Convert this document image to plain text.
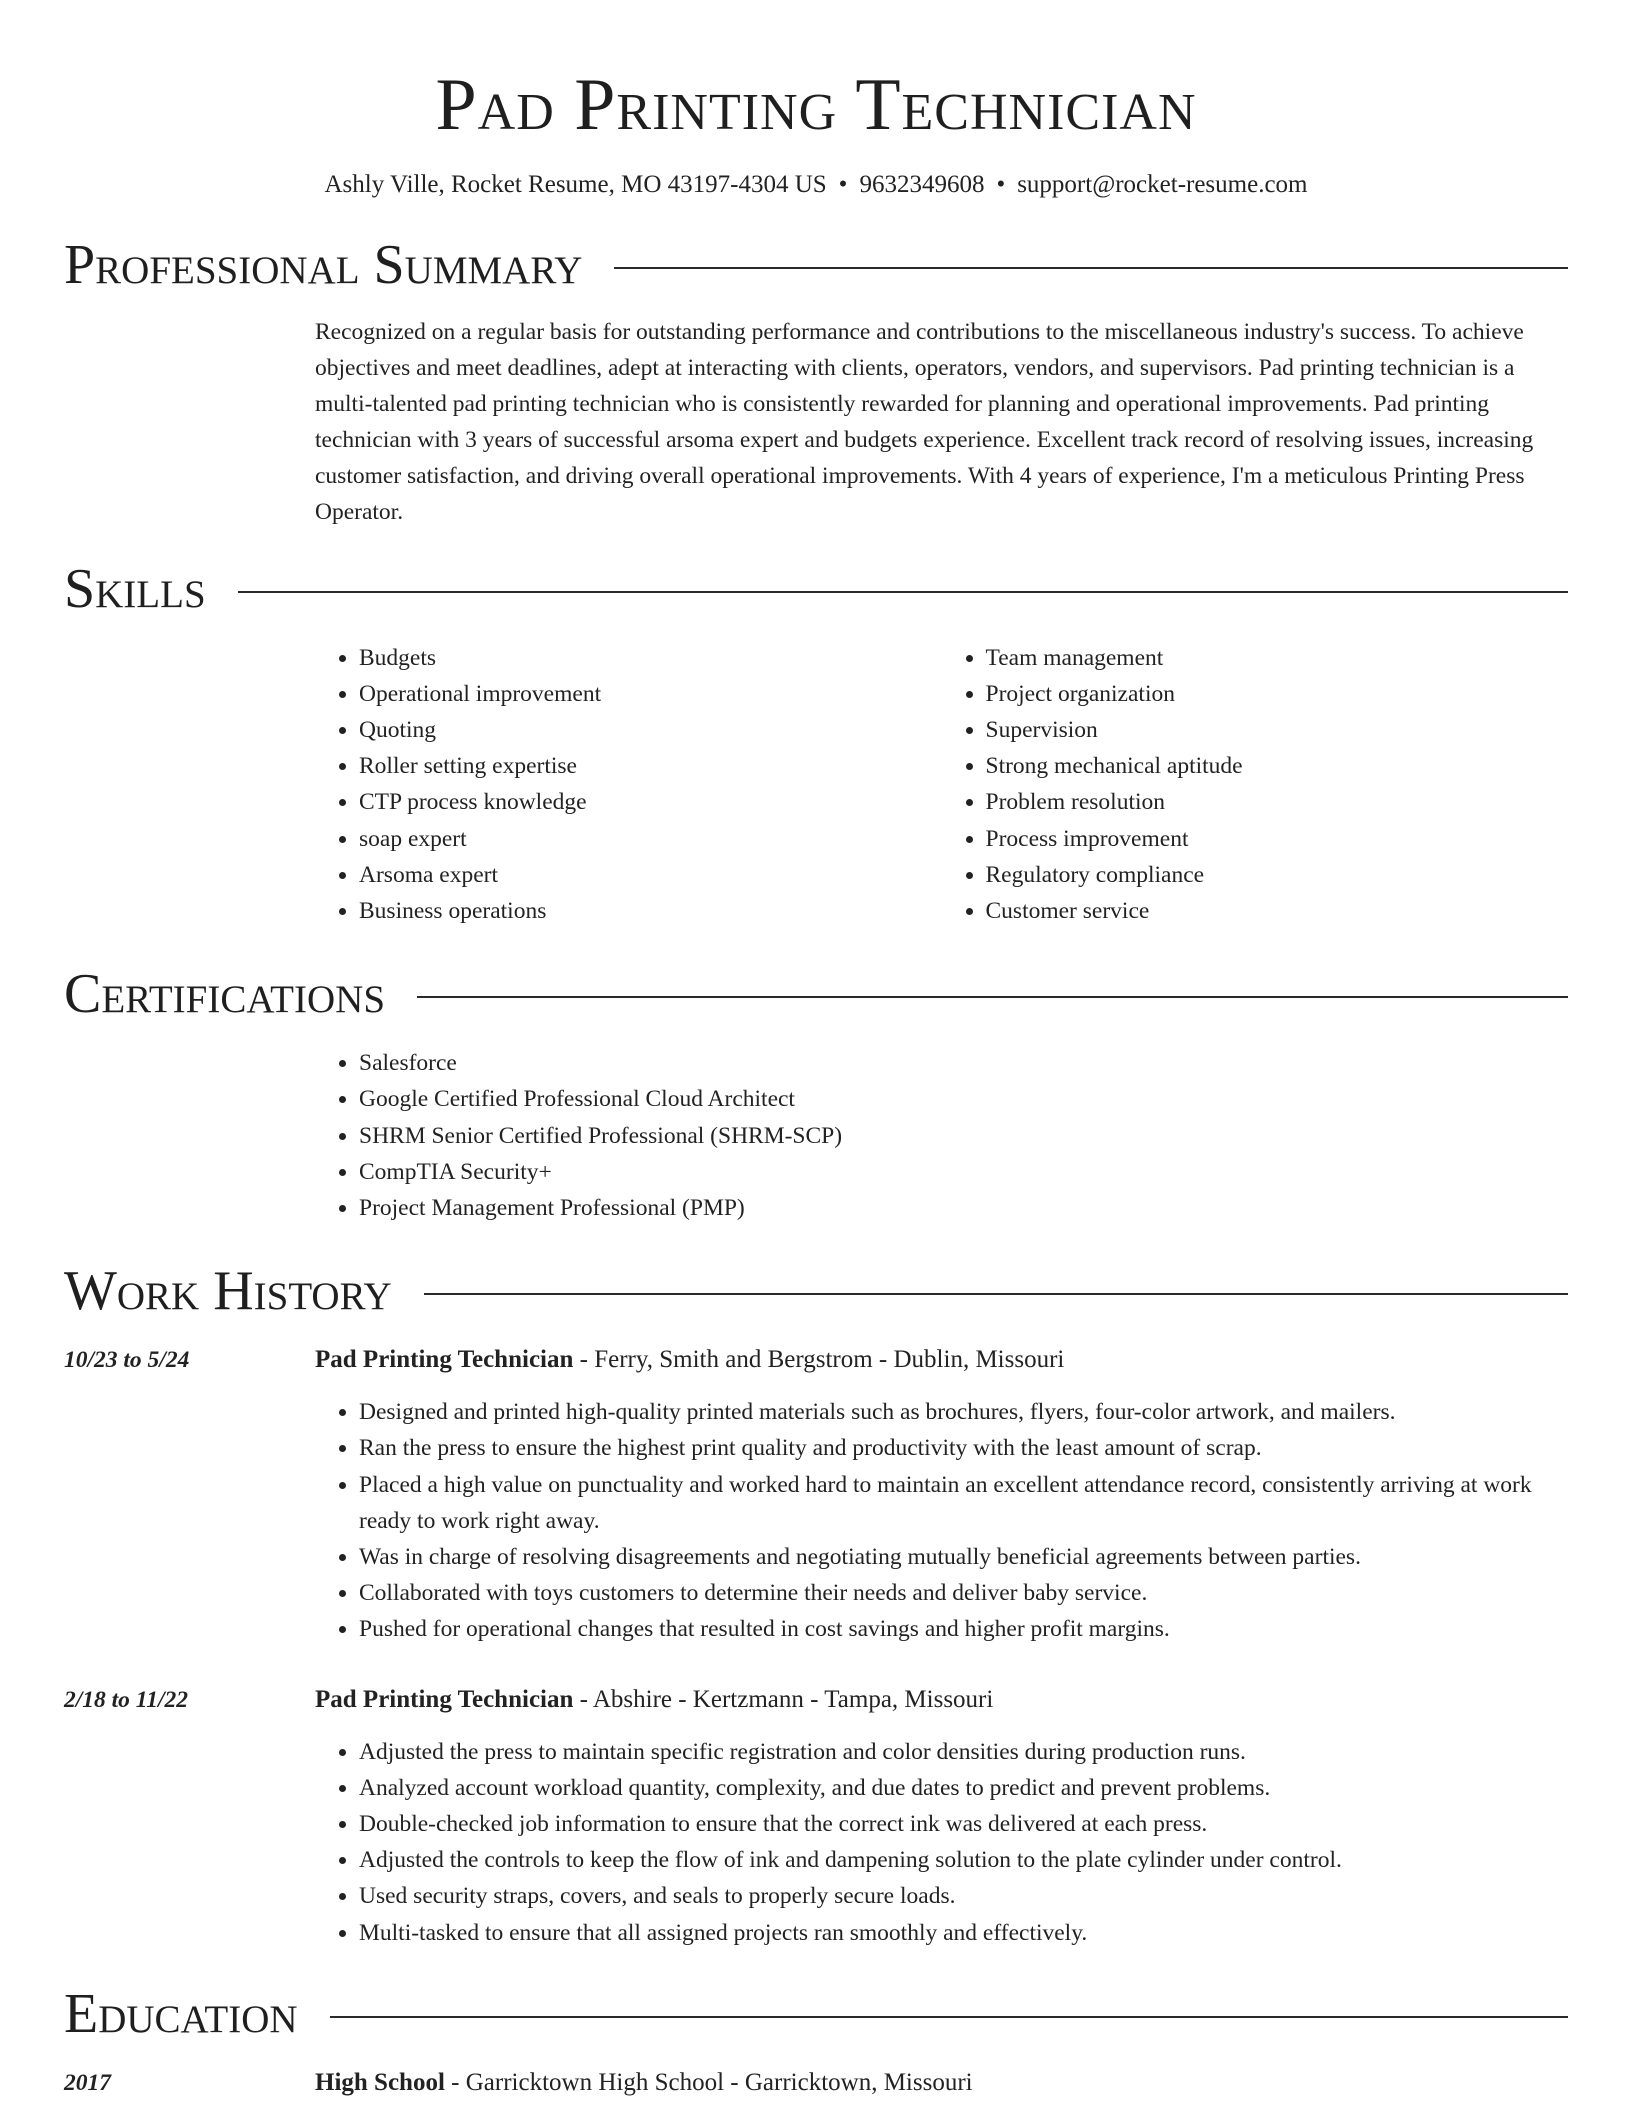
Pad Printing Technician
Ashly Ville, Rocket Resume, MO 43197-4304 US • 9632349608 • support@rocket-resume.com
Professional Summary

Recognized on a regular basis for outstanding performance and contributions to the miscellaneous industry's success. To achieve objectives and meet deadlines, adept at interacting with clients, operators, vendors, and supervisors. Pad printing technician is a multi-talented pad printing technician who is consistently rewarded for planning and operational improvements. Pad printing technician with 3 years of successful arsoma expert and budgets experience. Excellent track record of resolving issues, increasing customer satisfaction, and driving overall operational improvements. With 4 years of experience, I'm a meticulous Printing Press Operator.

Skills
• Budgets
• Operational improvement
• Quoting
• Roller setting expertise
• CTP process knowledge
• soap expert
• Arsoma expert
• Business operations
• Team management
• Project organization
• Supervision
• Strong mechanical aptitude
• Problem resolution
• Process improvement
• Regulatory compliance
• Customer service
Certifications
• Salesforce
• Google Certified Professional Cloud Architect
• SHRM Senior Certified Professional (SHRM-SCP)
• CompTIA Security+
• Project Management Professional (PMP)
Work History
10/23 to 5/24	Pad Printing Technician - Ferry, Smith and Bergstrom - Dublin, Missouri
• Designed and printed high-quality printed materials such as brochures, flyers, four-color artwork, and mailers.
• Ran the press to ensure the highest print quality and productivity with the least amount of scrap.
• Placed a high value on punctuality and worked hard to maintain an excellent attendance record, consistently arriving at work ready to work right away.
• Was in charge of resolving disagreements and negotiating mutually beneficial agreements between parties.
• Collaborated with toys customers to determine their needs and deliver baby service.
• Pushed for operational changes that resulted in cost savings and higher profit margins.
2/18 to 11/22	Pad Printing Technician - Abshire - Kertzmann - Tampa, Missouri
• Adjusted the press to maintain specific registration and color densities during production runs.
• Analyzed account workload quantity, complexity, and due dates to predict and prevent problems.
• Double-checked job information to ensure that the correct ink was delivered at each press.
• Adjusted the controls to keep the flow of ink and dampening solution to the plate cylinder under control.
• Used security straps, covers, and seals to properly secure loads.
• Multi-tasked to ensure that all assigned projects ran smoothly and effectively.
Education
2017	High School - Garricktown High School - Garricktown, Missouri
